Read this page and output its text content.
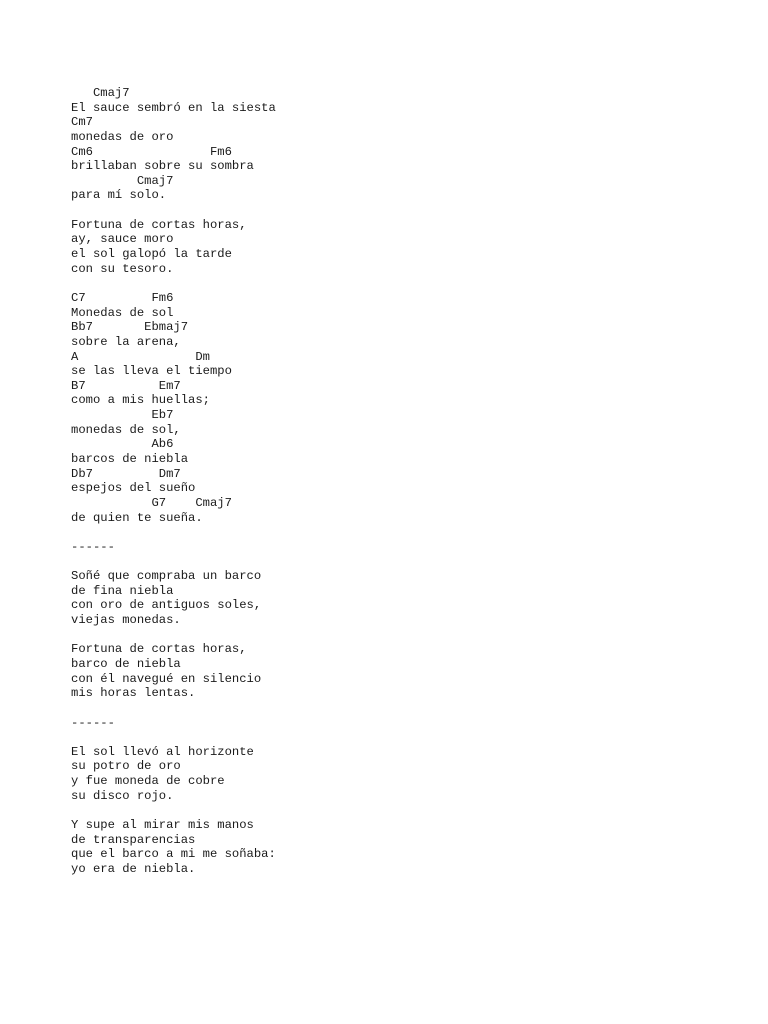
Cmaj7
El sauce sembró en la siesta
Cm7
monedas de oro
Cm6                Fm6
brillaban sobre su sombra
Cmaj7
para mí solo.
Fortuna de cortas horas,
ay, sauce moro
el sol galopó la tarde
con su tesoro.
C7         Fm6
Monedas de sol
Bb7       Ebmaj7
sobre la arena,
A                Dm
se las lleva el tiempo
B7          Em7
como a mis huellas;
Eb7
monedas de sol,
Ab6
barcos de niebla
Db7         Dm7
espejos del sueño
G7    Cmaj7
de quien te sueña.
------
Soñé que compraba un barco
de fina niebla
con oro de antiguos soles,
viejas monedas.
Fortuna de cortas horas,
barco de niebla
con él navegué en silencio
mis horas lentas.
------
El sol llevó al horizonte
su potro de oro
y fue moneda de cobre
su disco rojo.
Y supe al mirar mis manos
de transparencias
que el barco a mi me soñaba:
yo era de niebla.
